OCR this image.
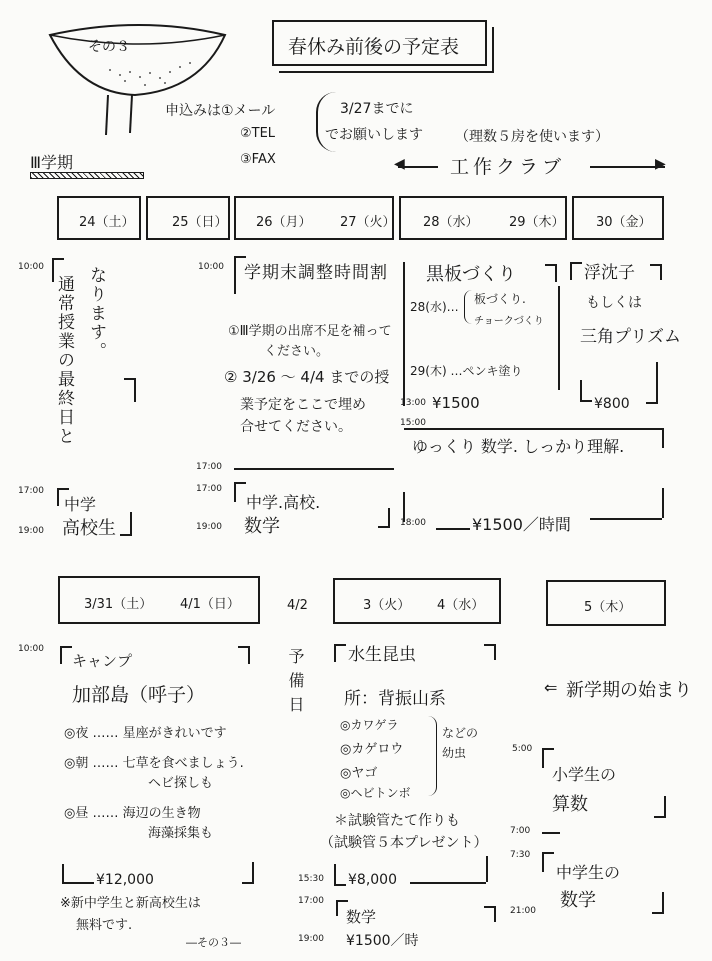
その３	春休み前後の予定表
申込みは①メール
②TEL
③FAX
3/27までに
でお願いします （理数５房を使います）
工作クラブ
◀	▶
Ⅲ学期
24（土）	25（日） 26（月） 27（火） 28（水） 29（木） 30（金）
10:00
通常授業の最終日と なります。
17:00
19:00
中学
高校生
10:00 学期末調整時間割
①Ⅲ学期の出席不足を補って
ください。
② 3/26 ～ 4/4 までの授
業予定をここで埋め
合せてください。
17:00
17:00
中学.高校.
19:00 数学
黒板づくり
28(水)…
板づくり.
チョークづくり
29(木) …ペンキ塗り
13:00 ¥1500
15:00
ゆっくり 数学. しっかり理解.
18:00	¥1500／時間
浮沈子
もしくは
三角プリズム
¥800
3/31（土） 4/1（日）	4/2	3（火） 4（水）	5（木）
10:00
キャンプ
加部島（呼子）
◎夜 …… 星座がきれいです
◎朝 …… 七草を食べましょう.
ヘビ探しも
◎昼 …… 海辺の生き物
海藻採集も
¥12,000
※新中学生と新高校生は
無料です.
―その３―
予備日	水生昆虫
所：背振山系
◎カワゲラ
◎カゲロウ
◎ヤゴ
◎ヘビトンボ
などの
幼虫
＊試験管たて作りも
（試験管５本プレゼント）
15:30 ¥8,000
17:00
数学
19:00 ¥1500／時
⇐ 新学期の始まり
5:00
小学生の
算数
7:00
7:30
中学生の
数学
21:00
